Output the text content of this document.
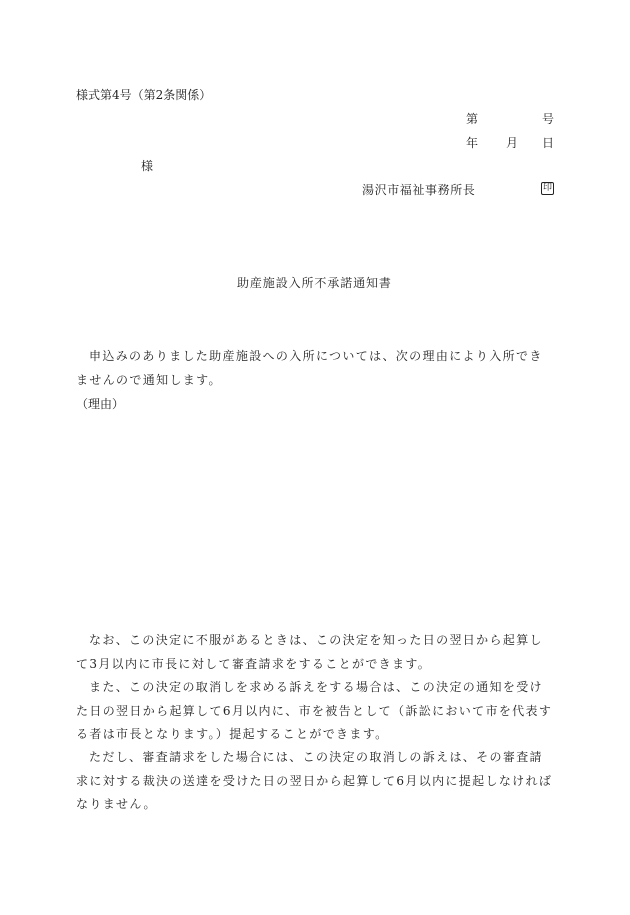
様式第4号（第2条関係）
第	号
年 月 日
様
湯沢市福祉事務所長	印
助産施設入所不承諾通知書

申込みのありました助産施設への入所については、次の理由により入所できませんので通知します。

（理由）

なお、この決定に不服があるときは、この決定を知った日の翌日から起算して3月以内に市長に対して審査請求をすることができます。

また、この決定の取消しを求める訴えをする場合は、この決定の通知を受けた日の翌日から起算して6月以内に、市を被告として（訴訟において市を代表する者は市長となります。）提起することができます。

ただし、審査請求をした場合には、この決定の取消しの訴えは、その審査請求に対する裁決の送達を受けた日の翌日から起算して6月以内に提起しなければなりません。
